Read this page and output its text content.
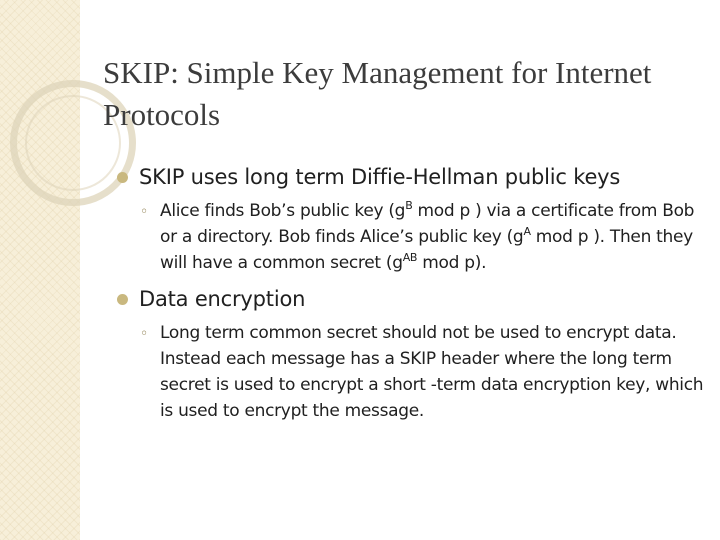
SKIP: Simple Key Management for Internet Protocols
SKIP uses long term Diffie-Hellman public keys
◦ Alice finds Bob’s public key ($g^B$ mod p ) via a certificate from Bob or a directory. Bob finds Alice’s public key ($g^A$ mod p ). Then they will have a common secret ($g^{AB}$ mod p).
Data encryption
◦ Long term common secret should not be used to encrypt data. Instead each message has a SKIP header where the long term secret is used to encrypt a short -term data encryption key, which is used to encrypt the message.
